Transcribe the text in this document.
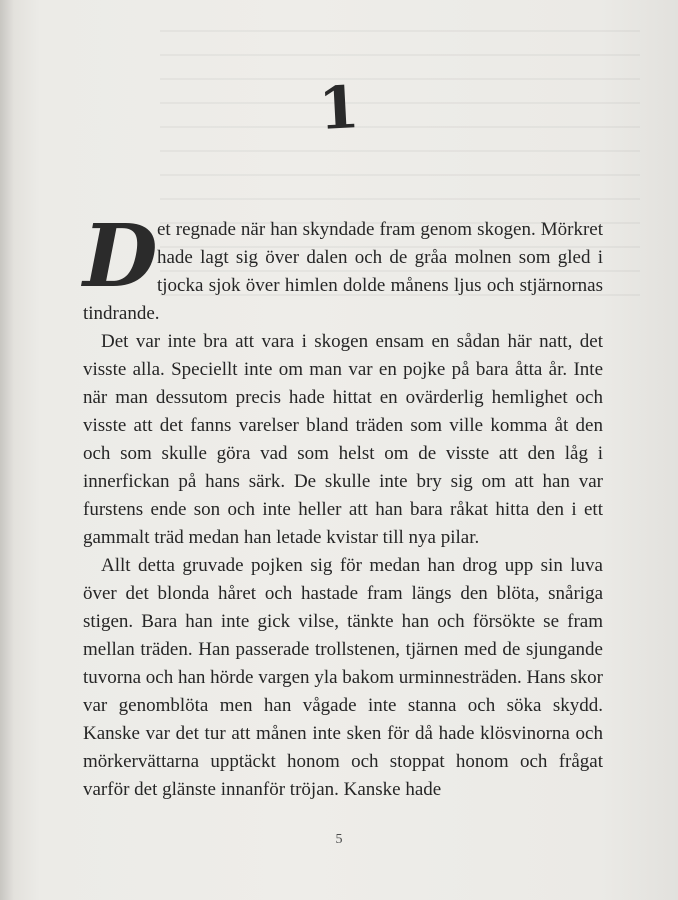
1

Det regnade när han skyndade fram genom skogen. Mörkret hade lagt sig över dalen och de gråa molnen som gled i tjocka sjok över himlen dolde månens ljus och stjärnornas tindrande.

Det var inte bra att vara i skogen ensam en sådan här natt, det visste alla. Speciellt inte om man var en pojke på bara åtta år. Inte när man dessutom precis hade hittat en ovärderlig hemlighet och visste att det fanns varelser bland träden som ville komma åt den och som skulle göra vad som helst om de visste att den låg i innerfickan på hans särk. De skulle inte bry sig om att han var furstens ende son och inte heller att han bara råkat hitta den i ett gammalt träd medan han letade kvistar till nya pilar.

Allt detta gruvade pojken sig för medan han drog upp sin luva över det blonda håret och hastade fram längs den blöta, snåriga stigen. Bara han inte gick vilse, tänkte han och försökte se fram mellan träden. Han passerade trollstenen, tjärnen med de sjungande tuvorna och han hörde vargen yla bakom urminnesträden. Hans skor var genomblöta men han vågade inte stanna och söka skydd. Kanske var det tur att månen inte sken för då hade klösvinorna och mörkervättarna upptäckt honom och stoppat honom och frågat varför det glänste innanför tröjan. Kanske hade

5
